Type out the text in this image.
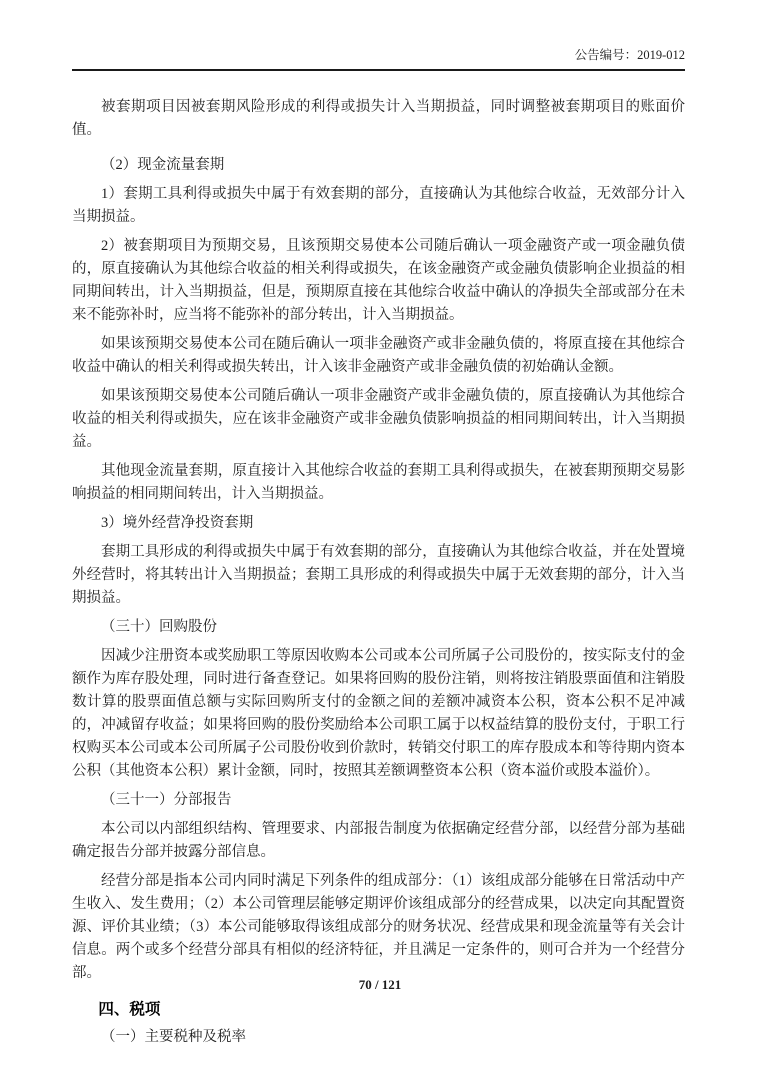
公告编号：2019-012

被套期项目因被套期风险形成的利得或损失计入当期损益，同时调整被套期项目的账面价值。

（2）现金流量套期

1）套期工具利得或损失中属于有效套期的部分，直接确认为其他综合收益，无效部分计入当期损益。

2）被套期项目为预期交易，且该预期交易使本公司随后确认一项金融资产或一项金融负债的，原直接确认为其他综合收益的相关利得或损失，在该金融资产或金融负债影响企业损益的相同期间转出，计入当期损益，但是，预期原直接在其他综合收益中确认的净损失全部或部分在未来不能弥补时，应当将不能弥补的部分转出，计入当期损益。

如果该预期交易使本公司在随后确认一项非金融资产或非金融负债的，将原直接在其他综合收益中确认的相关利得或损失转出，计入该非金融资产或非金融负债的初始确认金额。

如果该预期交易使本公司随后确认一项非金融资产或非金融负债的，原直接确认为其他综合收益的相关利得或损失，应在该非金融资产或非金融负债影响损益的相同期间转出，计入当期损益。

其他现金流量套期，原直接计入其他综合收益的套期工具利得或损失，在被套期预期交易影响损益的相同期间转出，计入当期损益。

3）境外经营净投资套期

套期工具形成的利得或损失中属于有效套期的部分，直接确认为其他综合收益，并在处置境外经营时，将其转出计入当期损益；套期工具形成的利得或损失中属于无效套期的部分，计入当期损益。

（三十）回购股份

因减少注册资本或奖励职工等原因收购本公司或本公司所属子公司股份的，按实际支付的金额作为库存股处理，同时进行备查登记。如果将回购的股份注销，则将按注销股票面值和注销股数计算的股票面值总额与实际回购所支付的金额之间的差额冲减资本公积，资本公积不足冲减的，冲减留存收益；如果将回购的股份奖励给本公司职工属于以权益结算的股份支付，于职工行权购买本公司或本公司所属子公司股份收到价款时，转销交付职工的库存股成本和等待期内资本公积（其他资本公积）累计金额，同时，按照其差额调整资本公积（资本溢价或股本溢价）。

（三十一）分部报告

本公司以内部组织结构、管理要求、内部报告制度为依据确定经营分部，以经营分部为基础确定报告分部并披露分部信息。

经营分部是指本公司内同时满足下列条件的组成部分：（1）该组成部分能够在日常活动中产生收入、发生费用；（2）本公司管理层能够定期评价该组成部分的经营成果，以决定向其配置资源、评价其业绩；（3）本公司能够取得该组成部分的财务状况、经营成果和现金流量等有关会计信息。两个或多个经营分部具有相似的经济特征，并且满足一定条件的，则可合并为一个经营分部。

四、税项

（一）主要税种及税率

70 / 121
